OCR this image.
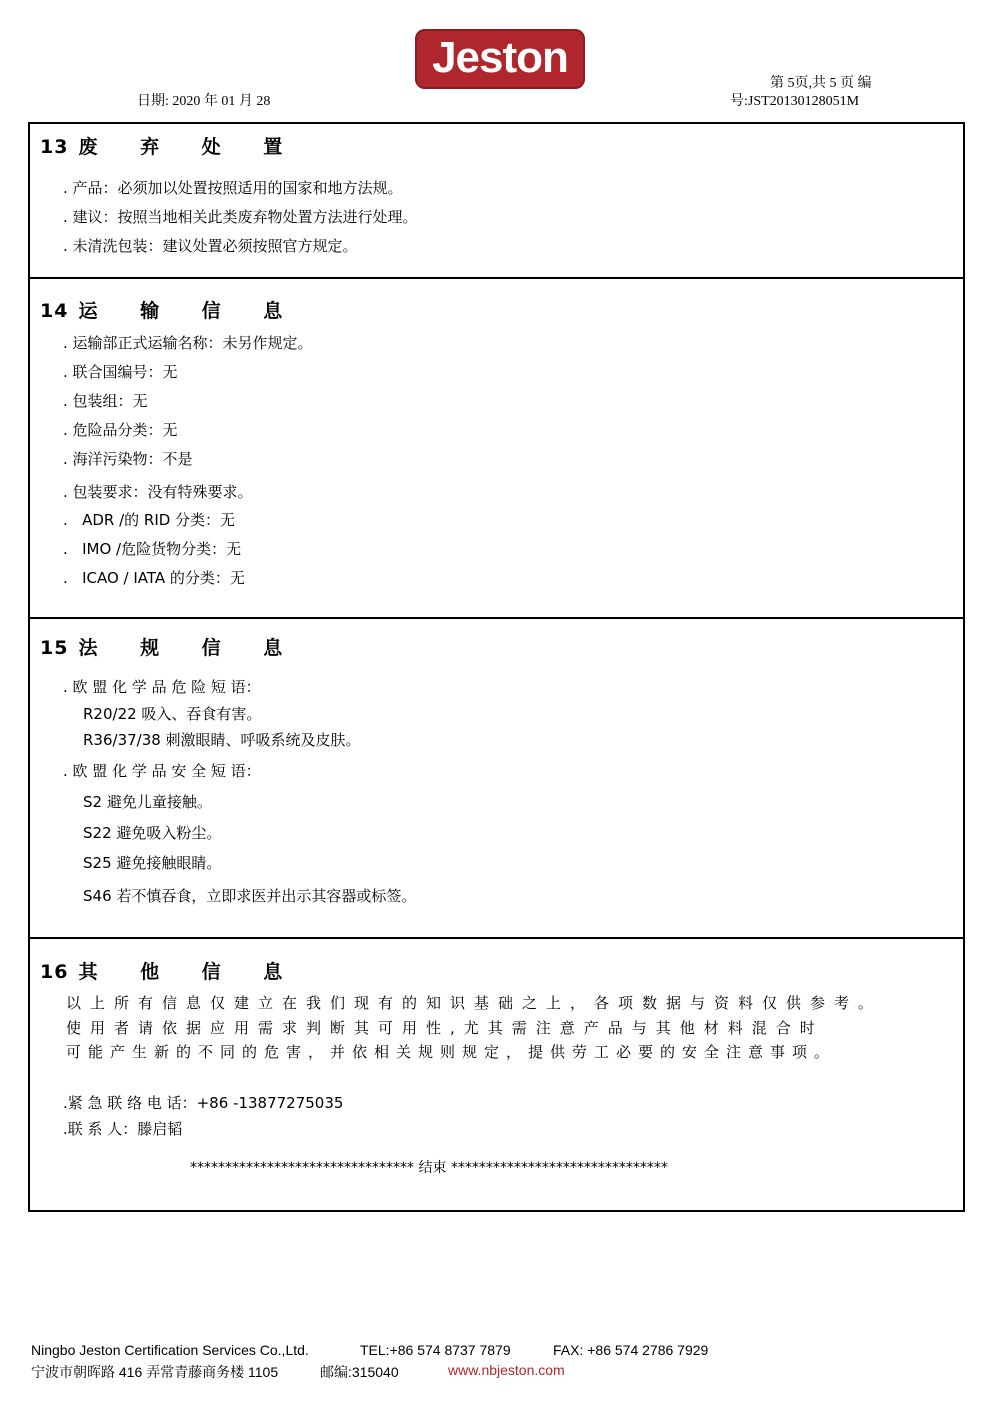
Jeston
日期: 2020 年 01 月 28
第 5页,共 5 页 编
号:JST20130128051M
13 废 弃 处 置
. 产品：必须加以处置按照适用的国家和地方法规。
. 建议：按照当地相关此类废弃物处置方法进行处理。
. 未清洗包装：建议处置必须按照官方规定。
14 运 输 信 息
. 运输部正式运输名称：未另作规定。
. 联合国编号：无
. 包装组：无
. 危险品分类：无
. 海洋污染物：不是
. 包装要求：没有特殊要求。
.   ADR /的 RID 分类：无
.   IMO /危险货物分类：无
.   ICAO / IATA 的分类：无
15 法 规 信 息
. 欧 盟 化 学 品 危 险 短 语：
R20/22 吸入、吞食有害。
R36/37/38 刺激眼睛、呼吸系统及皮肤。
. 欧 盟 化 学 品 安 全 短 语：
S2 避免儿童接触。
S22 避免吸入粉尘。
S25 避免接触眼睛。
S46 若不慎吞食，立即求医并出示其容器或标签。
16 其 他 信 息
以上所有信息仅建立在我们现有的知识基础之上，各项数据与资料仅供参考。
使用者请依据应用需求判断其可用性,尤其需注意产品与其他材料混合时
可能产生新的不同的危害，并依相关规则规定，提供劳工必要的安全注意事项。
.紧 急 联 络 电 话：+86 -13877275035
.联 系 人：滕启韬
******************************** 结束 *******************************
Ningbo Jeston Certification Services Co.,Ltd.	TEL:+86 574 8737 7879	FAX: +86 574 2786 7929
宁波市朝晖路 416 弄常青藤商务楼 1105	邮编:315040	www.nbjeston.com
